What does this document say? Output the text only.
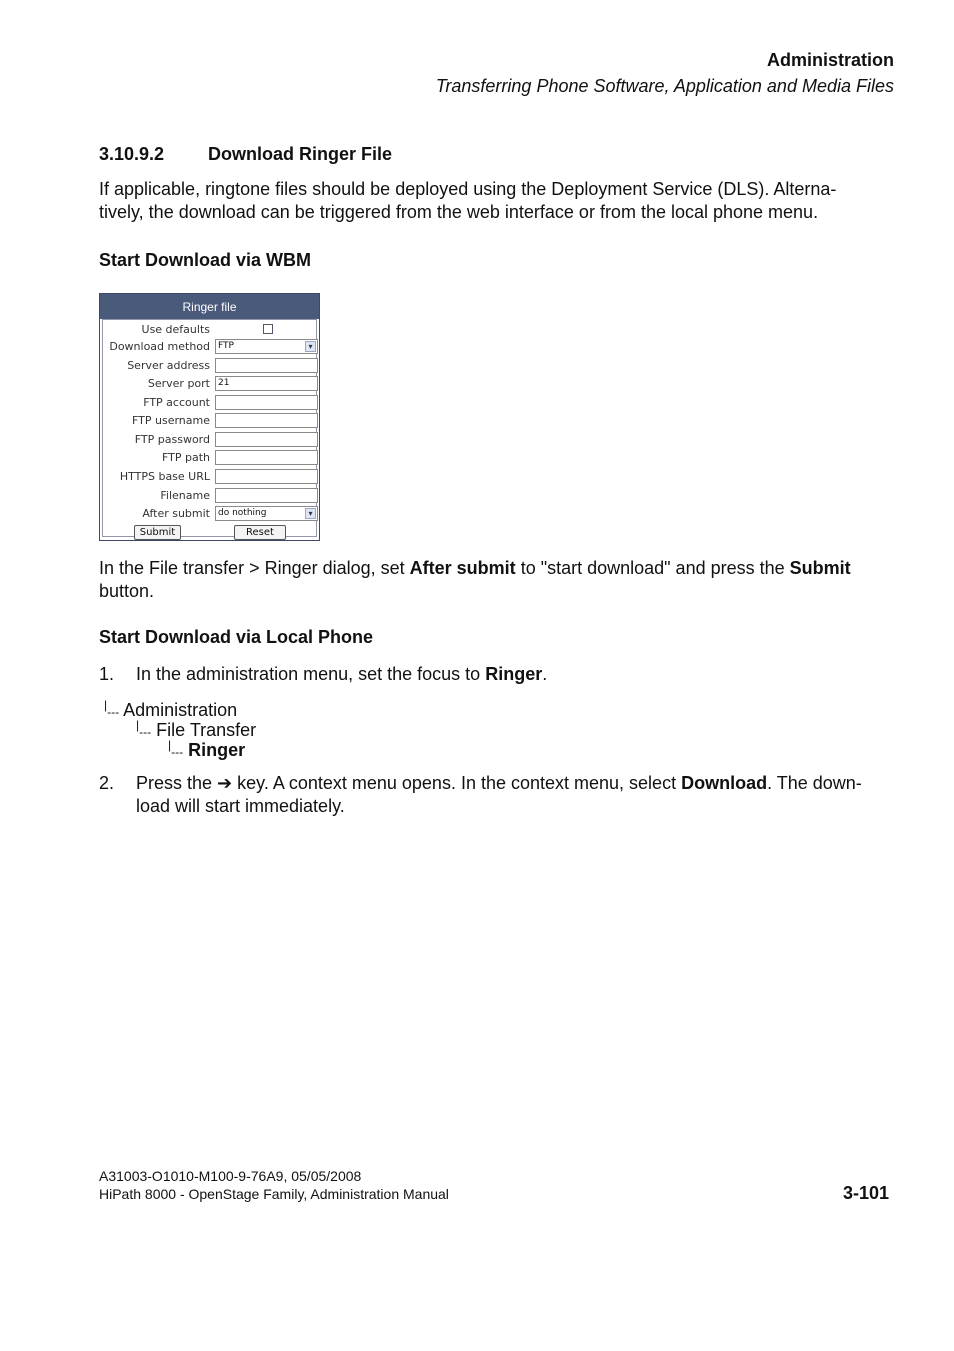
Administration
Transferring Phone Software, Application and Media Files
3.10.9.2 Download Ringer File
If applicable, ringtone files should be deployed using the Deployment Service (DLS). Alterna-
tively, the download can be triggered from the web interface or from the local phone menu.
Start Download via WBM
Ringer file
Use defaults
Download method FTP	▾
Server address
Server port 21
FTP account
FTP username
FTP password
FTP path
HTTPS base URL
Filename
After submit do nothing	▾
Submit	Reset
In the File transfer > Ringer dialog, set After submit to "start download" and press the Submit
button.
Start Download via Local Phone
1. In the administration menu, set the focus to Ringer.
|--- Administration
|--- File Transfer
|--- Ringer
2. Press the ➔ key. A context menu opens. In the context menu, select Download. The down-
load will start immediately.
A31003-O1010-M100-9-76A9, 05/05/2008
HiPath 8000 - OpenStage Family, Administration Manual	3-101
